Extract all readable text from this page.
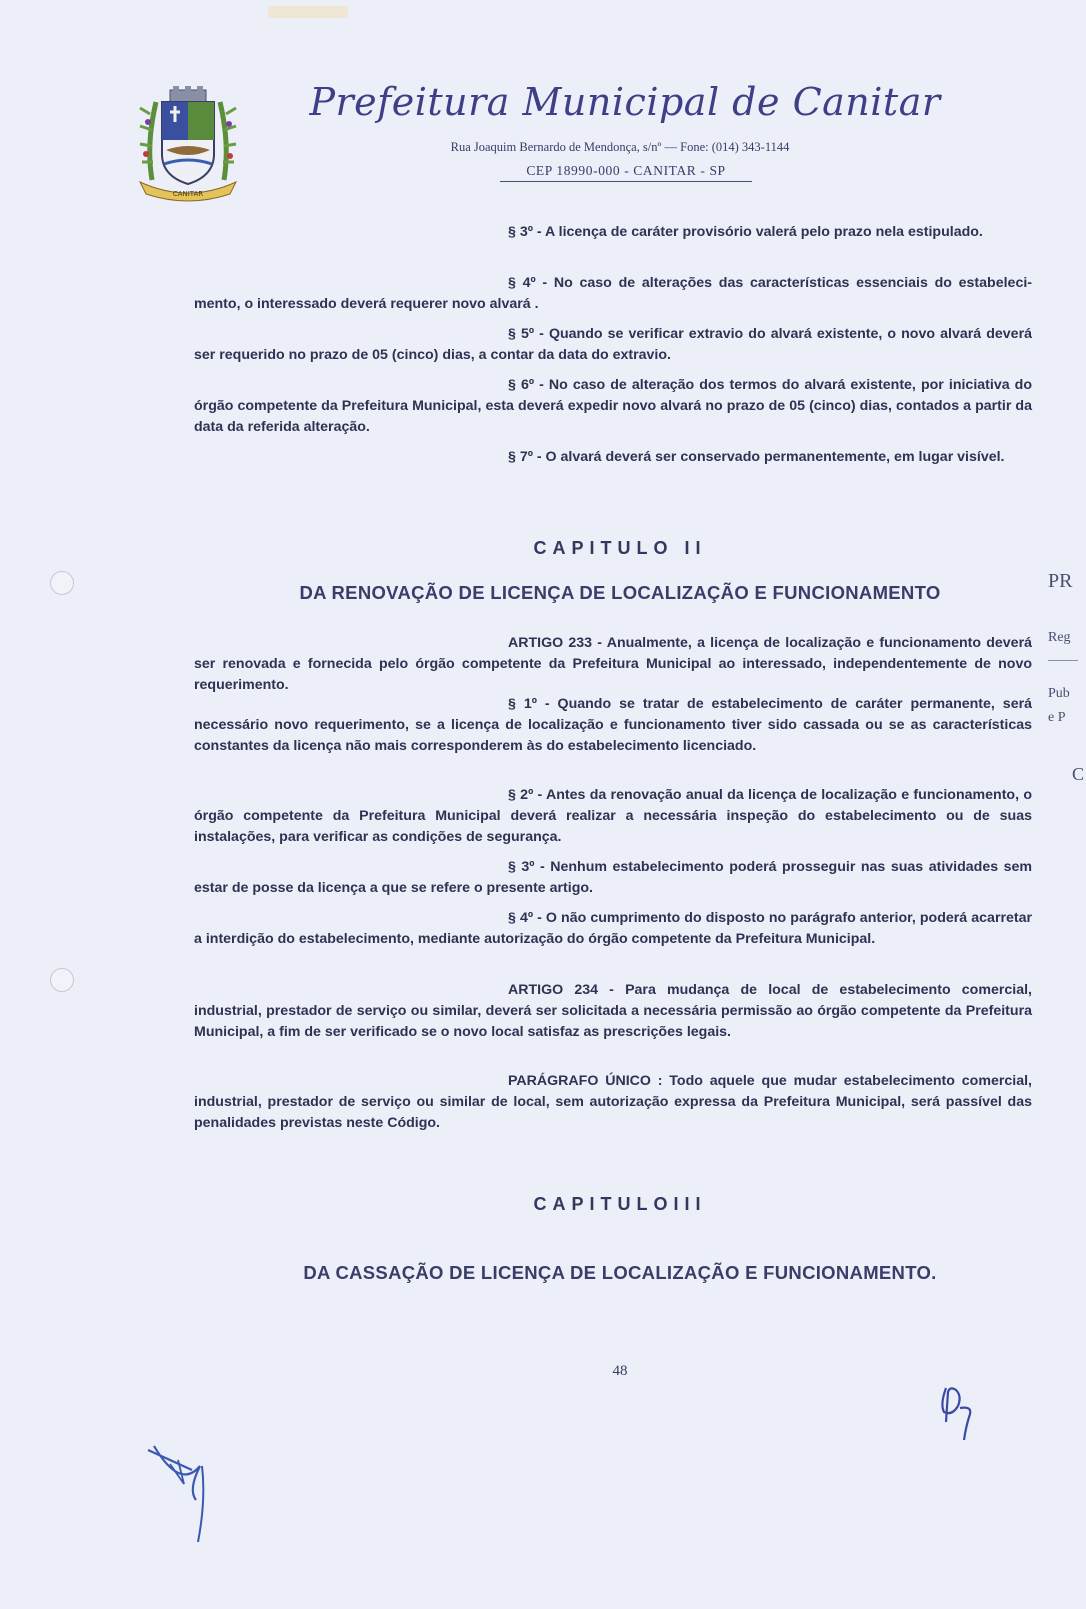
CANITAR
Prefeitura Municipal de Canitar
Rua Joaquim Bernardo de Mendonça, s/nº — Fone: (014) 343-1144
CEP 18990-000 - CANITAR - SP

§ 3º - A licença de caráter provisório valerá pelo prazo nela estipulado.

§ 4º - No caso de alterações das características essenciais do estabeleci- mento, o interessado deverá requerer novo alvará .

§ 5º - Quando se verificar extravio do alvará existente, o novo alvará deverá ser requerido no prazo de 05 (cinco) dias, a contar da data do extravio.

§ 6º - No caso de alteração dos termos do alvará existente, por iniciativa do órgão competente da Prefeitura Municipal, esta deverá expedir novo alvará no prazo de 05 (cinco) dias, contados a partir da data da referida alteração.

§ 7º - O alvará deverá ser conservado permanentemente, em lugar visível.

CAPITULO II
DA RENOVAÇÃO DE LICENÇA DE LOCALIZAÇÃO E FUNCIONAMENTO

ARTIGO 233 - Anualmente, a licença de localização e funcionamento deverá ser renovada e fornecida pelo órgão competente da Prefeitura Municipal ao interessado, independentemente de novo requerimento.

§ 1º - Quando se tratar de estabelecimento de caráter permanente, será necessário novo requerimento, se a licença de localização e funcionamento tiver sido cassada ou se as características constantes da licença não mais corresponderem às do estabelecimento licenciado.

§ 2º - Antes da renovação anual da licença de localização e funcionamento, o órgão competente da Prefeitura Municipal deverá realizar a necessária inspeção do estabelecimento ou de suas instalações, para verificar as condições de segurança.

§ 3º - Nenhum estabelecimento poderá prosseguir nas suas atividades sem estar de posse da licença a que se refere o presente artigo.

§ 4º - O não cumprimento do disposto no parágrafo anterior, poderá acarretar a interdição do estabelecimento, mediante autorização do órgão competente da Prefeitura Municipal.

ARTIGO 234 - Para mudança de local de estabelecimento comercial, industrial, prestador de serviço ou similar, deverá ser solicitada a necessária permissão ao órgão competente da Prefeitura Municipal, a fim de ser verificado se o novo local satisfaz as prescrições legais.

PARÁGRAFO ÚNICO : Todo aquele que mudar estabelecimento comercial, industrial, prestador de serviço ou similar de local, sem autorização expressa da Prefeitura Municipal, será passível das penalidades previstas neste Código.

CAPITULOIII
DA CASSAÇÃO DE LICENÇA DE LOCALIZAÇÃO E FUNCIONAMENTO.
48
PR
Reg
Pub
e P
C
